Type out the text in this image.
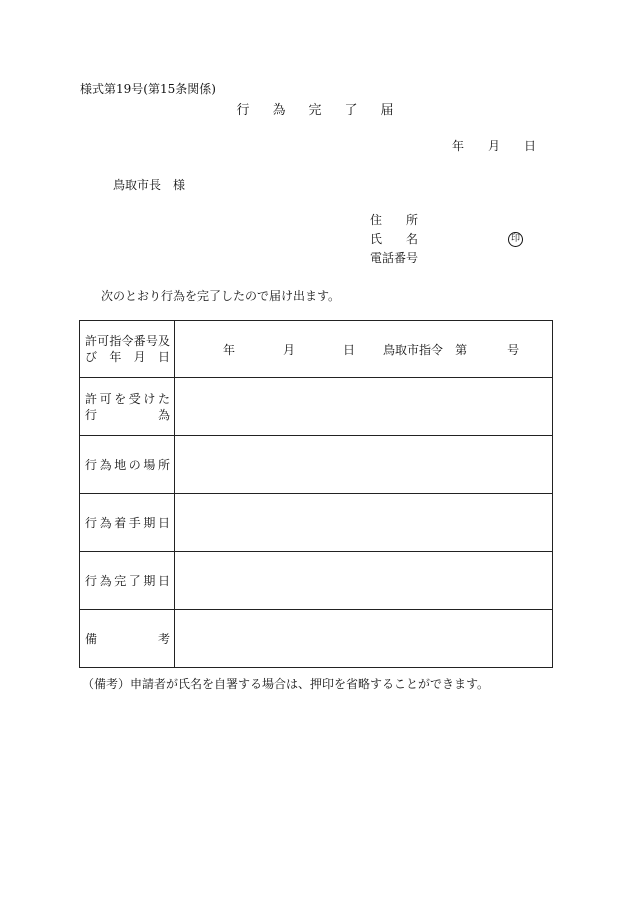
様式第19号(第15条関係)
行 為 完 了 届
年 月 日
鳥取市長　様
住所
氏名	印
電話番号
次のとおり行為を完了したので届け出ます。
許可指令番号及
び年月日	年 月 日 鳥取市指令 第 号

許可を受けた
行為	

行為地の場所	

行為着手期日	

行為完了期日	

備考	

（備考）申請者が氏名を自署する場合は、押印を省略することができます。
